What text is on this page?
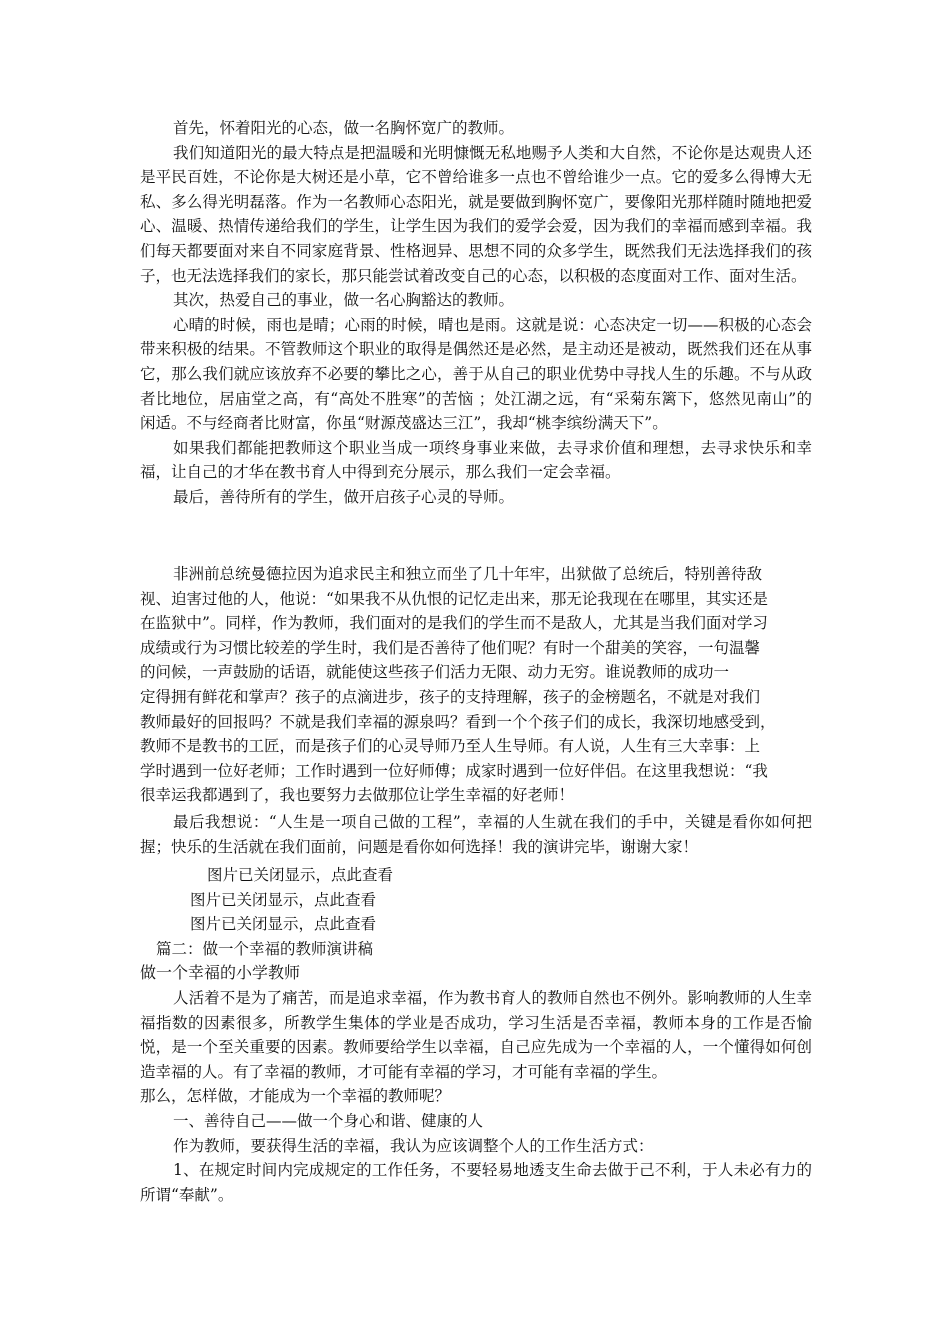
首先，怀着阳光的心态，做一名胸怀宽广的教师。

我们知道阳光的最大特点是把温暖和光明慷慨无私地赐予人类和大自然，不论你是达观贵人还是平民百姓，不论你是大树还是小草，它不曾给谁多一点也不曾给谁少一点。它的爱多么得博大无私、多么得光明磊落。作为一名教师心态阳光，就是要做到胸怀宽广，要像阳光那样随时随地把爱心、温暖、热情传递给我们的学生，让学生因为我们的爱学会爱，因为我们的幸福而感到幸福。我们每天都要面对来自不同家庭背景、性格迥异、思想不同的众多学生，既然我们无法选择我们的孩子，也无法选择我们的家长，那只能尝试着改变自己的心态，以积极的态度面对工作、面对生活。

其次，热爱自己的事业，做一名心胸豁达的教师。

心晴的时候，雨也是晴；心雨的时候，晴也是雨。这就是说：心态决定一切——积极的心态会带来积极的结果。不管教师这个职业的取得是偶然还是必然，是主动还是被动，既然我们还在从事它，那么我们就应该放弃不必要的攀比之心，善于从自己的职业优势中寻找人生的乐趣。不与从政者比地位，居庙堂之高，有“高处不胜寒”的苦恼 ；处江湖之远，有“采菊东篱下，悠然见南山”的闲适。不与经商者比财富，你虽“财源茂盛达三江”，我却“桃李缤纷满天下”。

如果我们都能把教师这个职业当成一项终身事业来做，去寻求价值和理想，去寻求快乐和幸福，让自己的才华在教书育人中得到充分展示，那么我们一定会幸福。

最后，善待所有的学生，做开启孩子心灵的导师。

非洲前总统曼德拉因为追求民主和独立而坐了几十年牢，出狱做了总统后，特别善待敌
视、迫害过他的人，他说：“如果我不从仇恨的记忆走出来，那无论我现在在哪里，其实还是
在监狱中”。同样，作为教师，我们面对的是我们的学生而不是敌人，尤其是当我们面对学习
成绩或行为习惯比较差的学生时，我们是否善待了他们呢？有时一个甜美的笑容，一句温馨
的问候，一声鼓励的话语，就能使这些孩子们活力无限、动力无穷。谁说教师的成功一
定得拥有鲜花和掌声？孩子的点滴进步，孩子的支持理解，孩子的金榜题名，不就是对我们
教师最好的回报吗？不就是我们幸福的源泉吗？看到一个个孩子们的成长，我深切地感受到，
教师不是教书的工匠，而是孩子们的心灵导师乃至人生导师。有人说，人生有三大幸事：上
学时遇到一位好老师；工作时遇到一位好师傅；成家时遇到一位好伴侣。在这里我想说：“我
很幸运我都遇到了，我也要努力去做那位让学生幸福的好老师！

最后我想说：“人生是一项自己做的工程”，幸福的人生就在我们的手中，关键是看你如何把握；快乐的生活就在我们面前，问题是看你如何选择！我的演讲完毕，谢谢大家！

图片已关闭显示，点此查看
图片已关闭显示，点此查看
图片已关闭显示，点此查看
篇二：做一个幸福的教师演讲稿
做一个幸福的小学教师

人活着不是为了痛苦，而是追求幸福，作为教书育人的教师自然也不例外。影响教师的人生幸福指数的因素很多，所教学生集体的学业是否成功，学习生活是否幸福，教师本身的工作是否愉悦，是一个至关重要的因素。教师要给学生以幸福，自己应先成为一个幸福的人，一个懂得如何创造幸福的人。有了幸福的教师，才可能有幸福的学习，才可能有幸福的学生。

那么，怎样做，才能成为一个幸福的教师呢？

一、善待自己——做一个身心和谐、健康的人

作为教师，要获得生活的幸福，我认为应该调整个人的工作生活方式：

1、在规定时间内完成规定的工作任务，不要轻易地透支生命去做于己不利，于人未必有力的所谓“奉献”。
